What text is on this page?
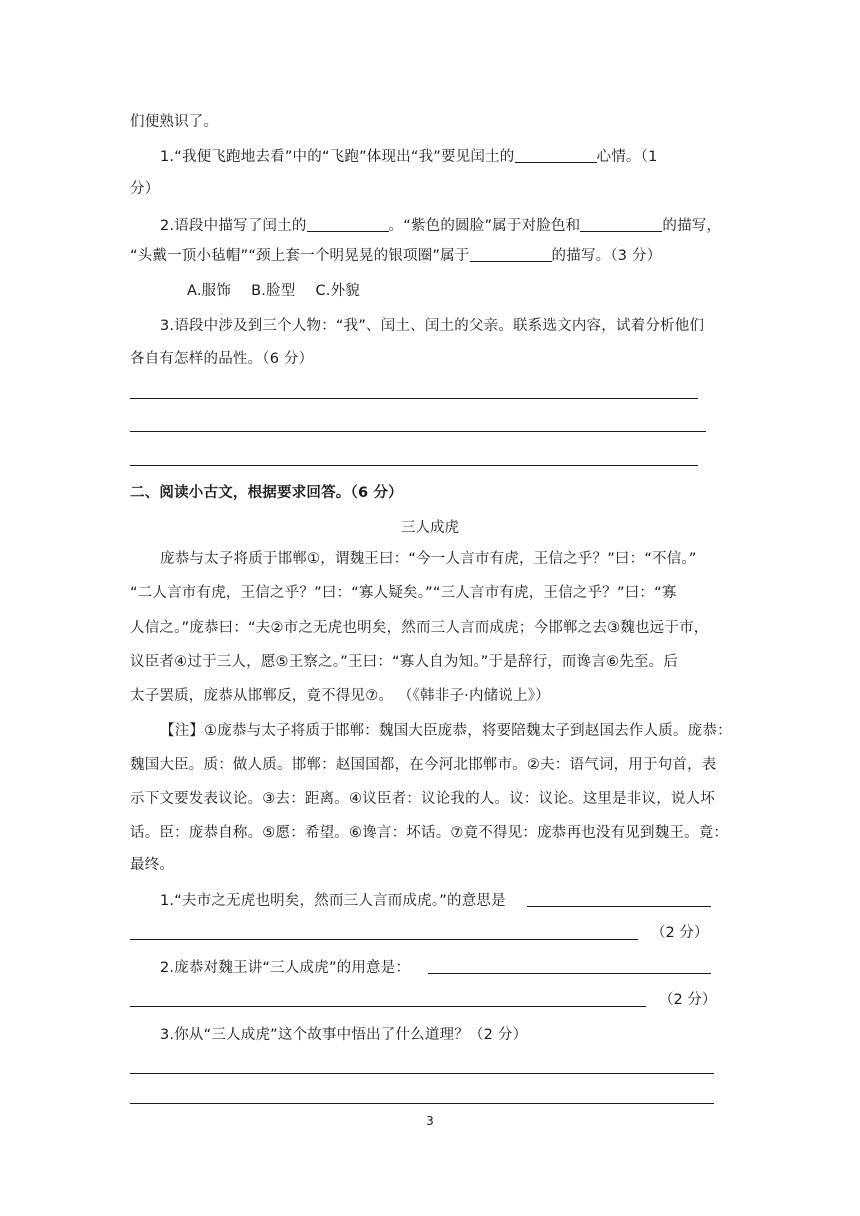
们便熟识了。
1.“我便飞跑地去看”中的“飞跑”体现出“我”要见闰土的	心情。（1
分）
2.语段中描写了闰土的	。“紫色的圆脸”属于对脸色和	的描写，
“头戴一顶小毡帽”“颈上套一个明晃晃的银项圈”属于	的描写。（3 分）
A.服饰 B.脸型 C.外貌
3.语段中涉及到三个人物：“我”、闰土、闰土的父亲。联系选文内容，试着分析他们
各自有怎样的品性。（6 分）
二、阅读小古文，根据要求回答。（6 分）
三人成虎
庞恭与太子将质于邯郸①，谓魏王曰：“今一人言市有虎，王信之乎？”曰：“不信。”
“二人言市有虎，王信之乎？”曰：“寡人疑矣。”“三人言市有虎，王信之乎？”曰：“寡
人信之。”庞恭曰：“夫②市之无虎也明矣，然而三人言而成虎；今邯郸之去③魏也远于市，
议臣者④过于三人，愿⑤王察之。”王曰：“寡人自为知。”于是辞行，而谗言⑥先至。后
太子罢质，庞恭从邯郸反，竟不得见⑦。 （《韩非子·内储说上》）
【注】①庞恭与太子将质于邯郸：魏国大臣庞恭，将要陪魏太子到赵国去作人质。庞恭：
魏国大臣。质：做人质。邯郸：赵国国都，在今河北邯郸市。②夫：语气词，用于句首，表
示下文要发表议论。③去：距离。④议臣者：议论我的人。议：议论。这里是非议，说人坏
话。臣：庞恭自称。⑤愿：希望。⑥谗言：坏话。⑦竟不得见：庞恭再也没有见到魏王。竟：
最终。
1.“夫市之无虎也明矣，然而三人言而成虎。”的意思是
（2 分）
2.庞恭对魏王讲“三人成虎”的用意是：
（2 分）
3.你从“三人成虎”这个故事中悟出了什么道理？（2 分）
3
